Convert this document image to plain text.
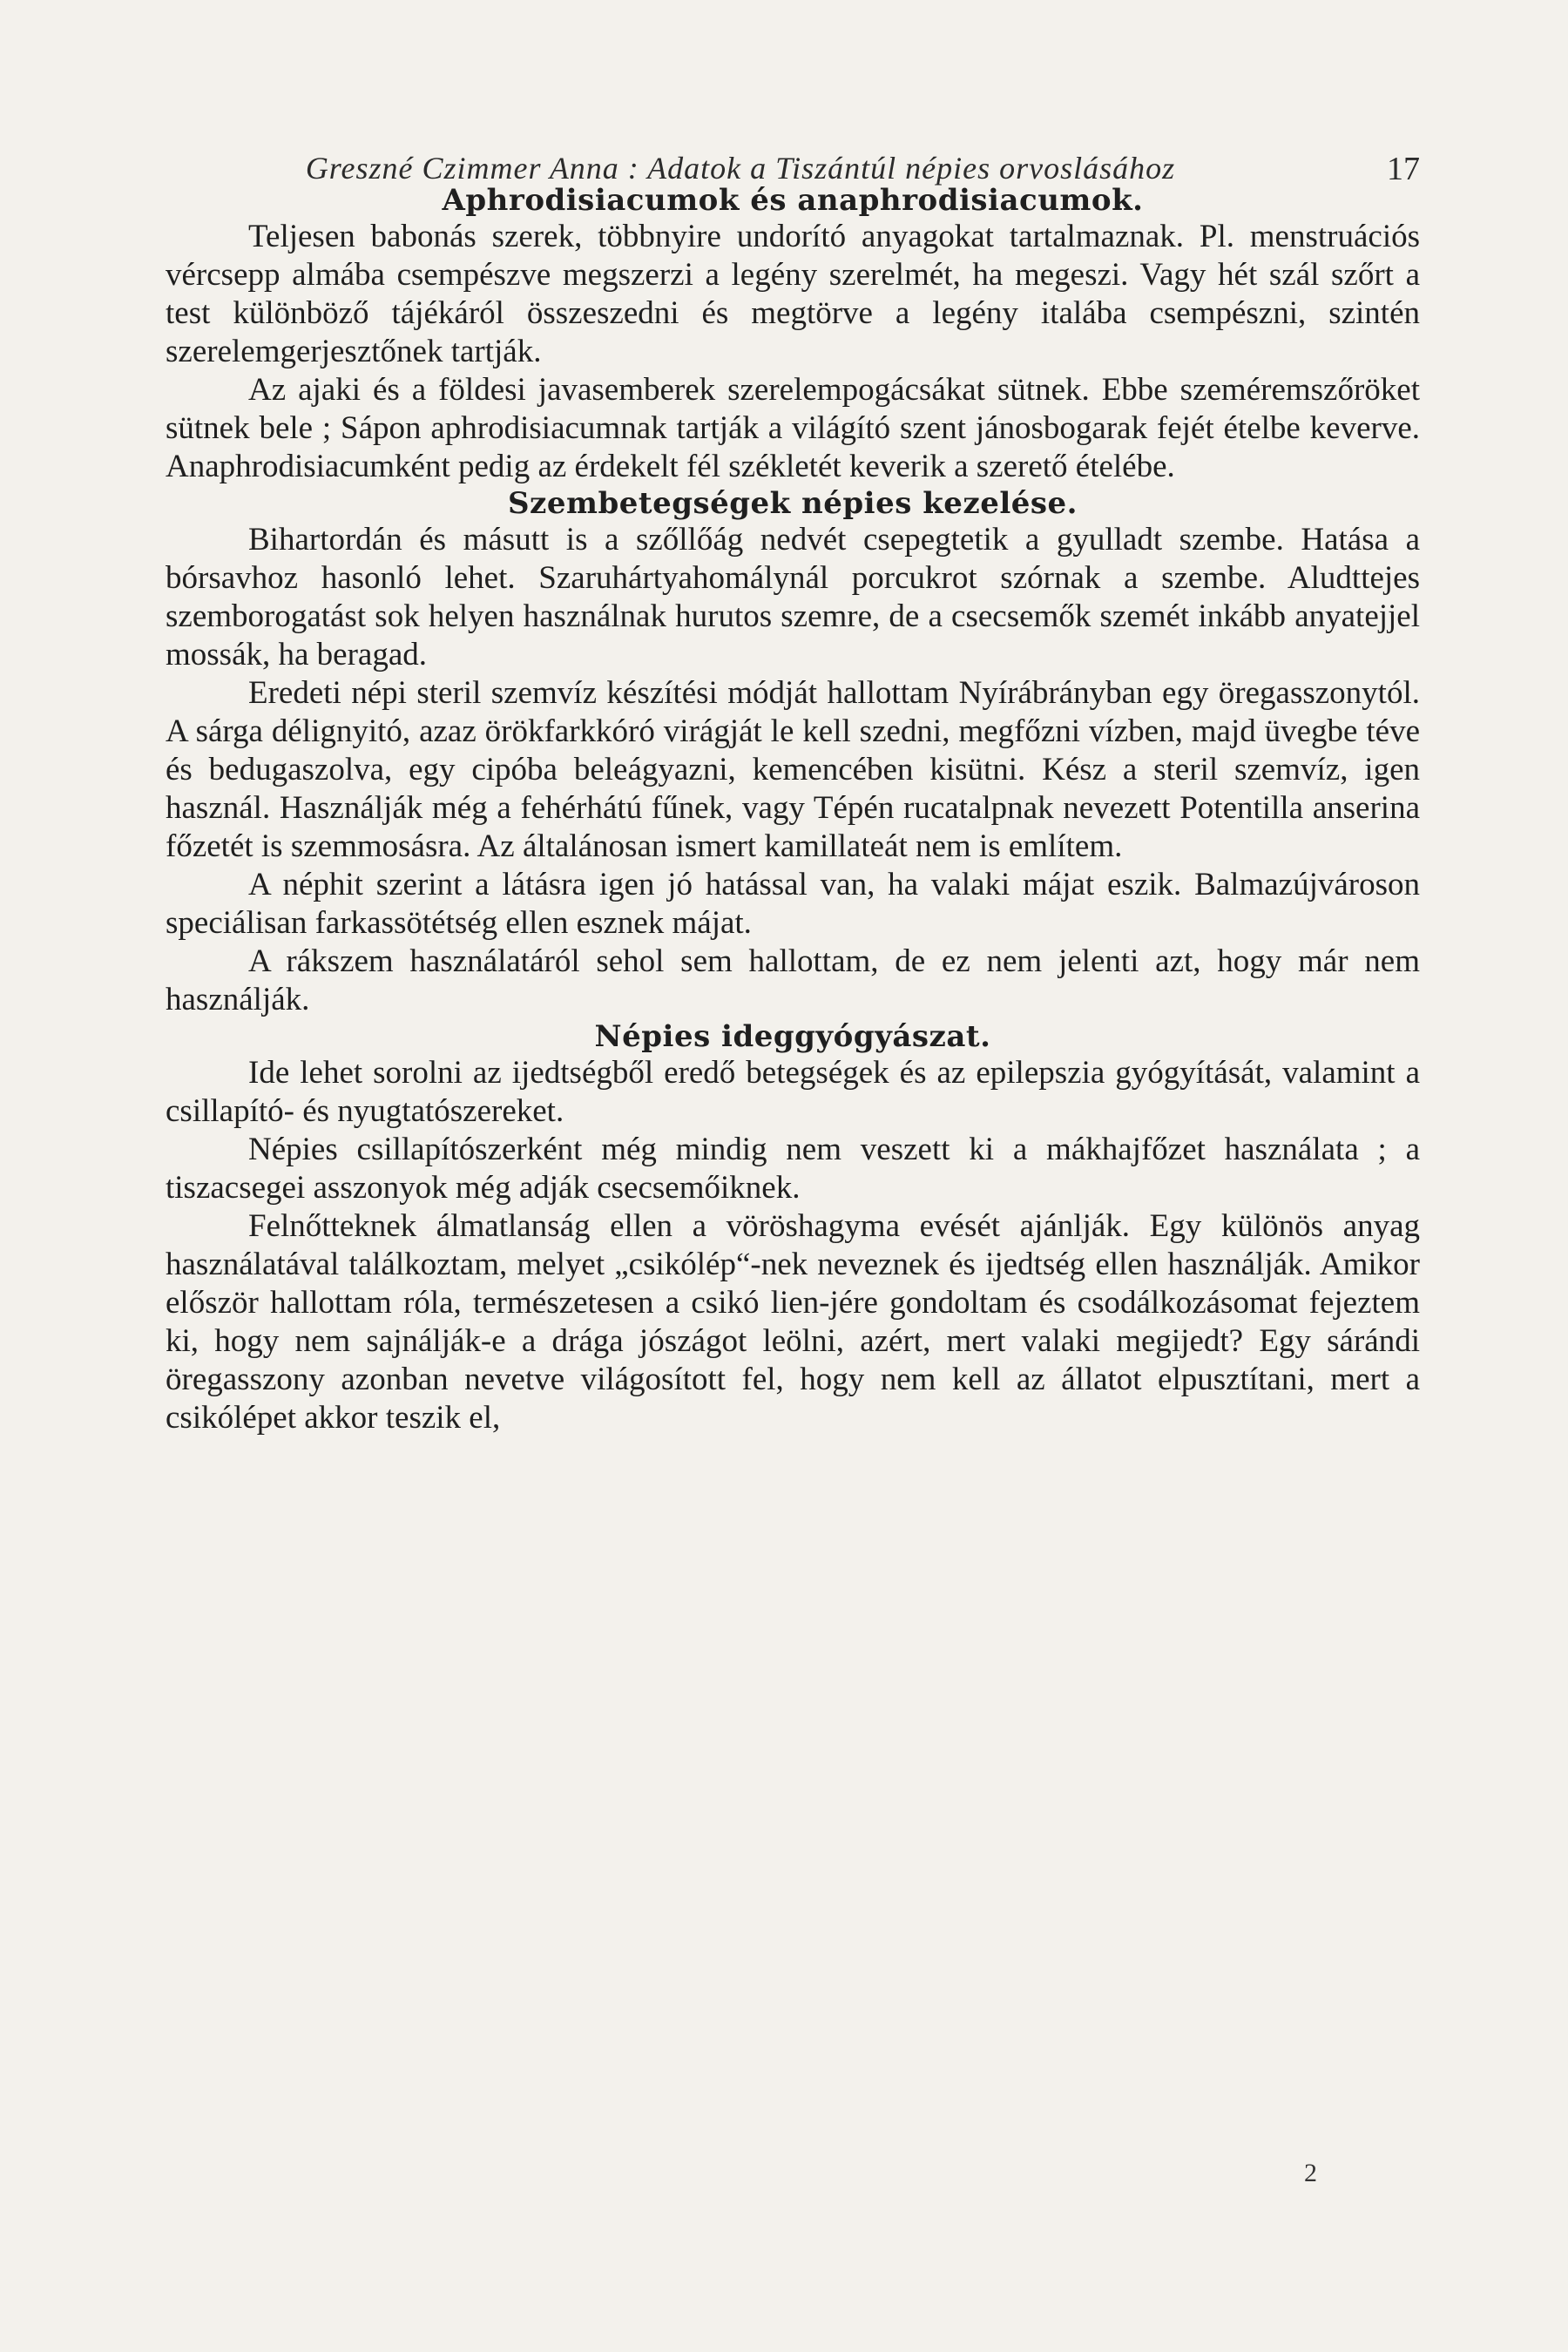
Greszné Czimmer Anna : Adatok a Tiszántúl népies orvoslásához	17
Aphrodisiacumok és anaphrodisiacumok.

Teljesen babonás szerek, többnyire undorító anyagokat tartalmaznak. Pl. menstruációs vércsepp almába csempészve megszerzi a legény szerelmét, ha megeszi. Vagy hét szál szőrt a test különböző tájékáról összeszedni és megtörve a legény italába csempészni, szintén szerelemgerjesztőnek tartják.

Az ajaki és a földesi javasemberek szerelempogácsákat sütnek. Ebbe szeméremszőröket sütnek bele ; Sápon aphrodisiacumnak tartják a világító szent jánosbogarak fejét ételbe keverve. Anaphrodisiacumként pedig az érdekelt fél székletét keverik a szerető ételébe.

Szembetegségek népies kezelése.

Bihartordán és másutt is a szőllőág nedvét csepegtetik a gyulladt szembe. Hatása a bórsavhoz hasonló lehet. Szaruhártyahomálynál porcukrot szórnak a szembe. Aludttejes szemborogatást sok helyen használnak hurutos szemre, de a csecsemők szemét inkább anyatejjel mossák, ha beragad.

Eredeti népi steril szemvíz készítési módját hallottam Nyírábrányban egy öregasszonytól. A sárga délignyitó, azaz örökfarkkóró virágját le kell szedni, megfőzni vízben, majd üvegbe téve és bedugaszolva, egy cipóba beleágyazni, kemencében kisütni. Kész a steril szemvíz, igen használ. Használják még a fehérhátú fűnek, vagy Tépén rucatalpnak nevezett Potentilla anserina főzetét is szemmosásra. Az általánosan ismert kamillateát nem is említem.

A néphit szerint a látásra igen jó hatással van, ha valaki májat eszik. Balmazújvároson speciálisan farkassötétség ellen esznek májat.

A rákszem használatáról sehol sem hallottam, de ez nem jelenti azt, hogy már nem használják.

Népies ideggyógyászat.

Ide lehet sorolni az ijedtségből eredő betegségek és az epilepszia gyógyítását, valamint a csillapító- és nyugtatószereket.

Népies csillapítószerként még mindig nem veszett ki a mákhajfőzet használata ; a tiszacsegei asszonyok még adják csecsemőiknek.

Felnőtteknek álmatlanság ellen a vöröshagyma evését ajánlják. Egy különös anyag használatával találkoztam, melyet „csikólép“-nek neveznek és ijedtség ellen használják. Amikor először hallottam róla, természetesen a csikó lien-jére gondoltam és csodálkozásomat fejeztem ki, hogy nem sajnálják-e a drága jószágot leölni, azért, mert valaki megijedt? Egy sárándi öregasszony azonban nevetve világosított fel, hogy nem kell az állatot elpusztítani, mert a csikólépet akkor teszik el,

2
